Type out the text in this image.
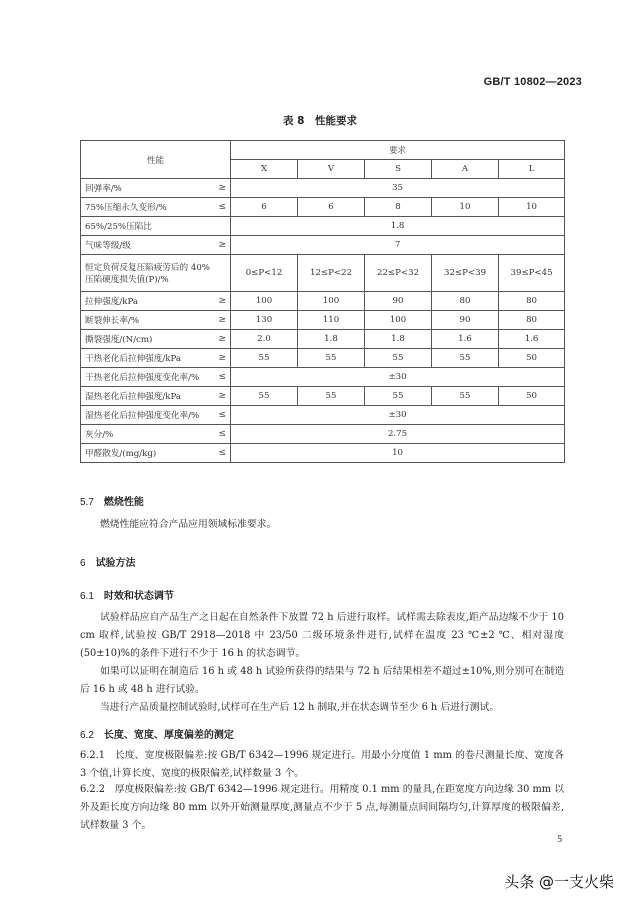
GB/T 10802—2023
表 8　性能要求
性能		要求				
		X	V	S	A	L
回弹率/%	≥	35				
75%压缩永久变形/%	≤	6	6	8	10	10
65%/25%压陷比		1.8				
气味等级/级	≥	7				
恒定负荷反复压陷疲劳后的 40% 压陷硬度损失值(P)/%		0≤P<12	12≤P<22	22≤P<32	32≤P<39	39≤P<45
拉伸强度/kPa	≥	100	100	90	80	80
断裂伸长率/%	≥	130	110	100	90	80
撕裂强度/(N/cm)	≥	2.0	1.8	1.8	1.6	1.6
干热老化后拉伸强度/kPa	≥	55	55	55	55	50
干热老化后拉伸强度变化率/%	≤	±30				
湿热老化后拉伸强度/kPa	≥	55	55	55	55	50
湿热老化后拉伸强度变化率/%	≤	±30				
灰分/%	≤	2.75				
甲醛散发/(mg/kg)	≤	10				
5.7 燃烧性能
燃烧性能应符合产品应用领域标准要求。
6 试验方法
6.1 时效和状态调节
试验样品应自产品生产之日起在自然条件下放置 72 h 后进行取样。试样需去除表皮,距产品边缘不少于 10 cm 取样,试验按 GB/T 2918—2018 中 23/50 二级环境条件进行,试样在温度 23 ℃±2 ℃、相对湿度(50±10)%的条件下进行不少于 16 h 的状态调节。
如果可以证明在制造后 16 h 或 48 h 试验所获得的结果与 72 h 后结果相差不超过±10%,则分别可在制造后 16 h 或 48 h 进行试验。
当进行产品质量控制试验时,试样可在生产后 12 h 制取,并在状态调节至少 6 h 后进行测试。
6.2 长度、宽度、厚度偏差的测定
6.2.1　长度、宽度极限偏差:按 GB/T 6342—1996 规定进行。用最小分度值 1 mm 的卷尺测量长度、宽度各 3 个值,计算长度、宽度的极限偏差,试样数量 3 个。
6.2.2　厚度极限偏差:按 GB/T 6342—1996 规定进行。用精度 0.1 mm 的量具,在距宽度方向边缘 30 mm 以外及距长度方向边缘 80 mm 以外开始测量厚度,测量点不少于 5 点,每测量点间间隔均匀,计算厚度的极限偏差,试样数量 3 个。
5
头条 @一支火柴
